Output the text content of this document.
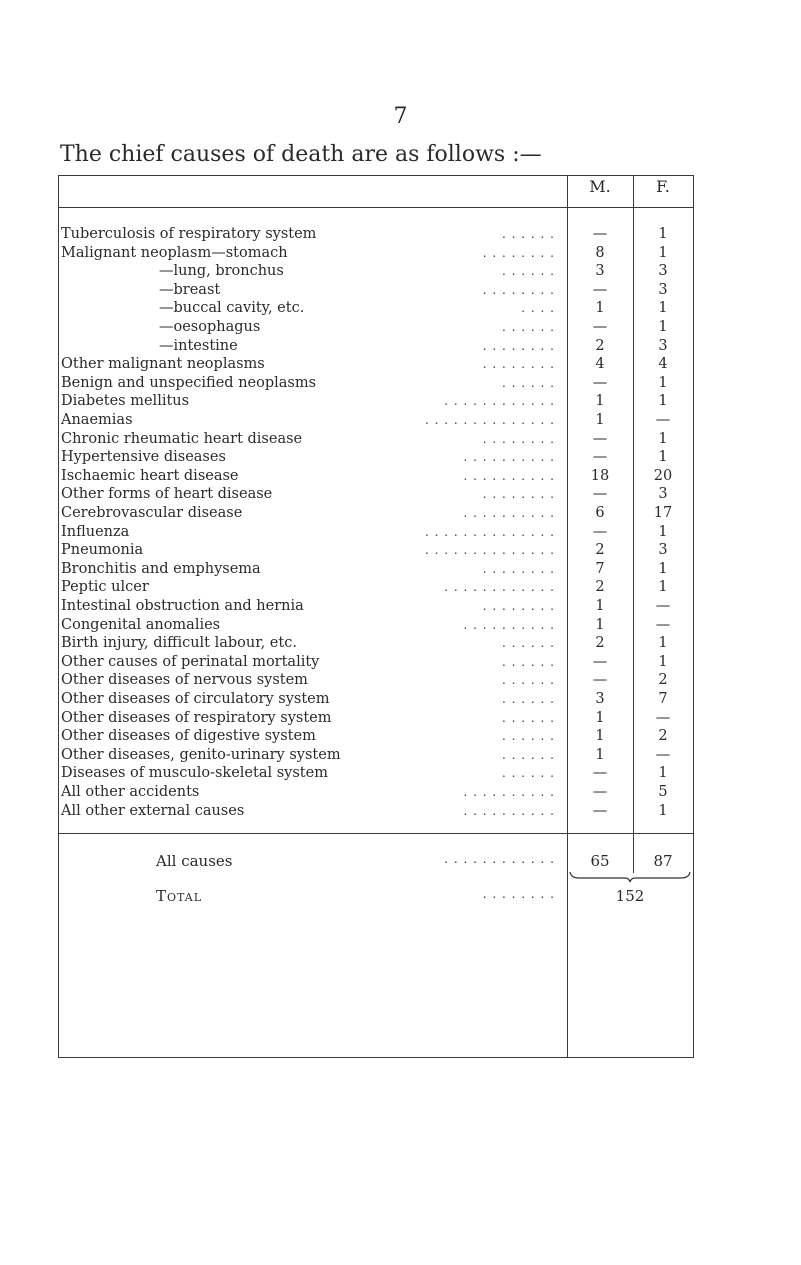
7
The chief causes of death are as follows :—
M.	F.
Tuberculosis of respiratory system	. . . . . .	—	1
Malignant neoplasm—stomach	. . . . . . . .	8	1
—lung, bronchus	. . . . . .	3	3
—breast	. . . . . . . .	—	3
—buccal cavity, etc.	. . . .	1	1
—oesophagus	. . . . . .	—	1
—intestine	. . . . . . . .	2	3
Other malignant neoplasms	. . . . . . . .	4	4
Benign and unspecified neoplasms	. . . . . .	—	1
Diabetes mellitus	. . . . . . . . . . . .	1	1
Anaemias	. . . . . . . . . . . . . .	1	—
Chronic rheumatic heart disease	. . . . . . . .	—	1
Hypertensive diseases	. . . . . . . . . .	—	1
Ischaemic heart disease	. . . . . . . . . .	18	20
Other forms of heart disease	. . . . . . . .	—	3
Cerebrovascular disease	. . . . . . . . . .	6	17
Influenza	. . . . . . . . . . . . . .	—	1
Pneumonia	. . . . . . . . . . . . . .	2	3
Bronchitis and emphysema	. . . . . . . .	7	1
Peptic ulcer	. . . . . . . . . . . .	2	1
Intestinal obstruction and hernia	. . . . . . . .	1	—
Congenital anomalies	. . . . . . . . . .	1	—
Birth injury, difficult labour, etc.	. . . . . .	2	1
Other causes of perinatal mortality	. . . . . .	—	1
Other diseases of nervous system	. . . . . .	—	2
Other diseases of circulatory system	. . . . . .	3	7
Other diseases of respiratory system	. . . . . .	1	—
Other diseases of digestive system	. . . . . .	1	2
Other diseases, genito-urinary system	. . . . . .	1	—
Diseases of musculo-skeletal system	. . . . . .	—	1
All other accidents	. . . . . . . . . .	—	5
All other external causes	. . . . . . . . . .	—	1
All causes	. . . . . . . . . . . .	65	87
Total	. . . . . . . .	152
